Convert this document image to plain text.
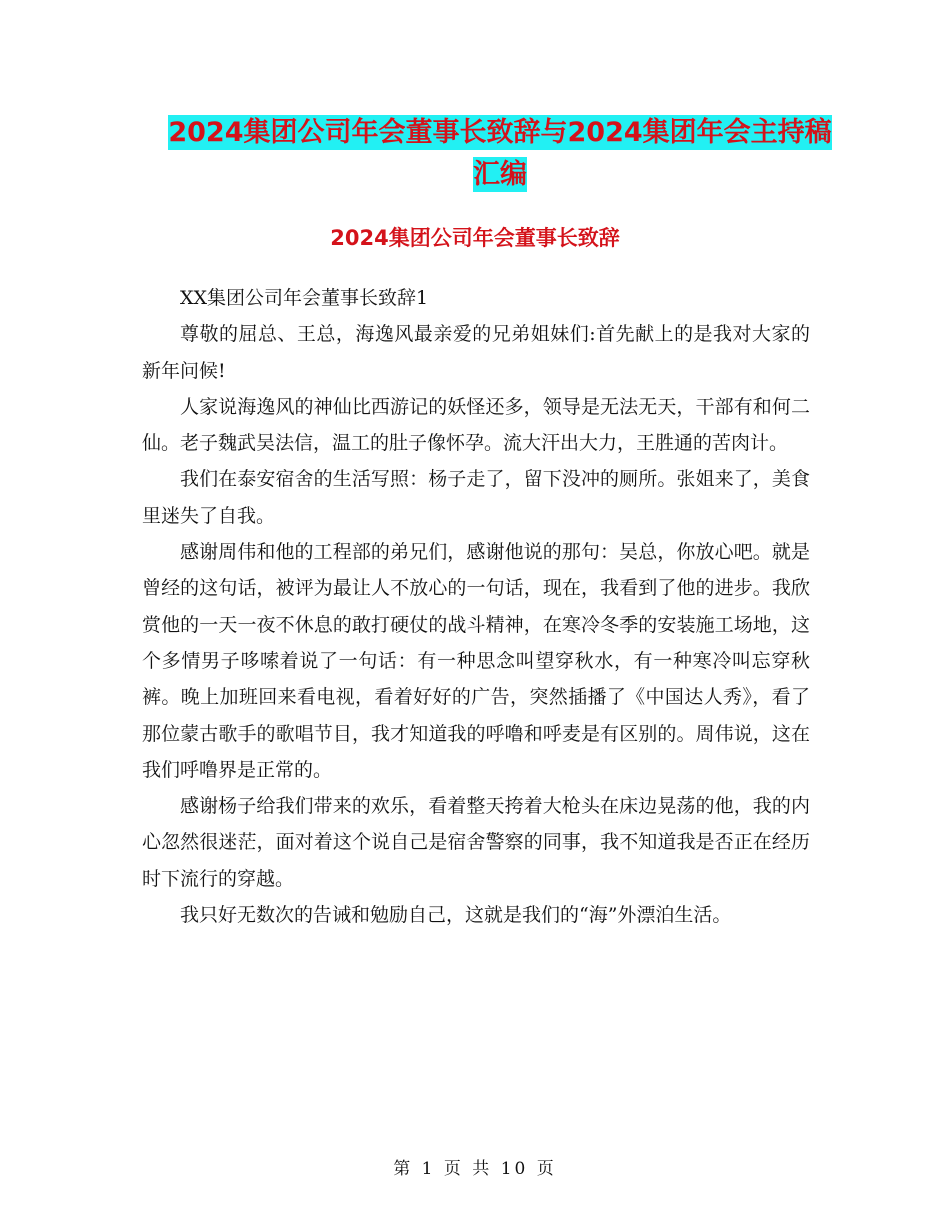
2024集团公司年会董事长致辞与2024集团年会主持稿
汇编
2024集团公司年会董事长致辞

XX集团公司年会董事长致辞1

尊敬的屈总、王总，海逸风最亲爱的兄弟姐妹们:首先献上的是我对大家的新年问候!

人家说海逸风的神仙比西游记的妖怪还多，领导是无法无天，干部有和何二仙。老子魏武吴法信，温工的肚子像怀孕。流大汗出大力，王胜通的苦肉计。

我们在泰安宿舍的生活写照：杨子走了，留下没冲的厕所。张姐来了，美食里迷失了自我。

感谢周伟和他的工程部的弟兄们，感谢他说的那句：吴总，你放心吧。就是曾经的这句话，被评为最让人不放心的一句话，现在，我看到了他的进步。我欣赏他的一天一夜不休息的敢打硬仗的战斗精神，在寒冷冬季的安装施工场地，这个多情男子哆嗦着说了一句话：有一种思念叫望穿秋水，有一种寒冷叫忘穿秋裤。晚上加班回来看电视，看着好好的广告，突然插播了《中国达人秀》，看了那位蒙古歌手的歌唱节目，我才知道我的呼噜和呼麦是有区别的。周伟说，这在我们呼噜界是正常的。

感谢杨子给我们带来的欢乐，看着整天挎着大枪头在床边晃荡的他，我的内心忽然很迷茫，面对着这个说自己是宿舍警察的同事，我不知道我是否正在经历时下流行的穿越。

我只好无数次的告诫和勉励自己，这就是我们的“海”外漂泊生活。

第 1 页 共 10 页
